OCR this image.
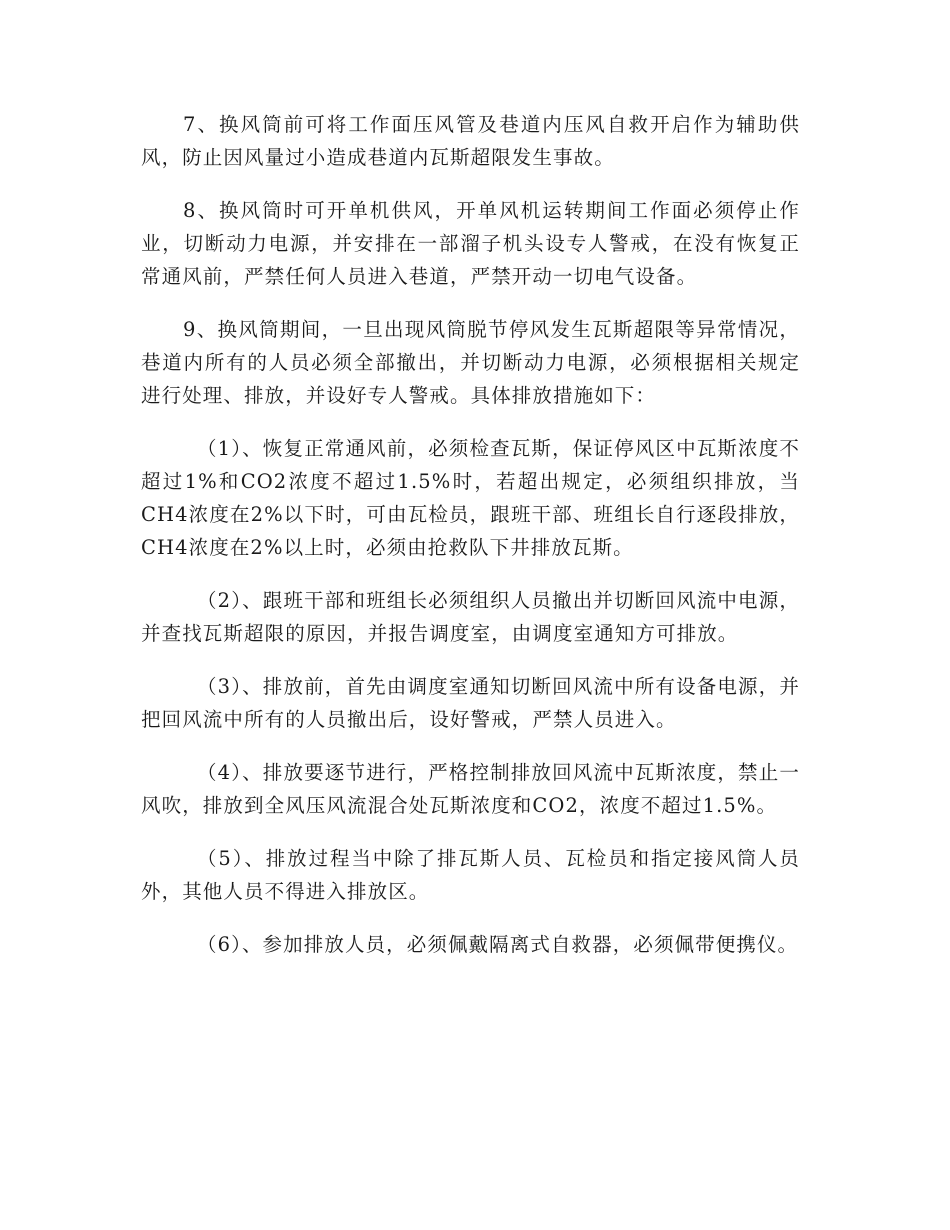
7、换风筒前可将工作面压风管及巷道内压风自救开启作为辅助供风，防止因风量过小造成巷道内瓦斯超限发生事故。

8、换风筒时可开单机供风，开单风机运转期间工作面必须停止作业，切断动力电源，并安排在一部溜子机头设专人警戒，在没有恢复正常通风前，严禁任何人员进入巷道，严禁开动一切电气设备。

9、换风筒期间，一旦出现风筒脱节停风发生瓦斯超限等异常情况，巷道内所有的人员必须全部撤出，并切断动力电源，必须根据相关规定进行处理、排放，并设好专人警戒。具体排放措施如下：

（1）、恢复正常通风前，必须检查瓦斯，保证停风区中瓦斯浓度不超过1%和CO2浓度不超过1.5%时，若超出规定，必须组织排放，当CH4浓度在2%以下时，可由瓦检员，跟班干部、班组长自行逐段排放，CH4浓度在2%以上时，必须由抢救队下井排放瓦斯。

（2）、跟班干部和班组长必须组织人员撤出并切断回风流中电源，并查找瓦斯超限的原因，并报告调度室，由调度室通知方可排放。

（3）、排放前，首先由调度室通知切断回风流中所有设备电源，并把回风流中所有的人员撤出后，设好警戒，严禁人员进入。

（4）、排放要逐节进行，严格控制排放回风流中瓦斯浓度，禁止一风吹，排放到全风压风流混合处瓦斯浓度和CO2，浓度不超过1.5%。

（5）、排放过程当中除了排瓦斯人员、瓦检员和指定接风筒人员外，其他人员不得进入排放区。

（6）、参加排放人员，必须佩戴隔离式自救器，必须佩带便携仪。
